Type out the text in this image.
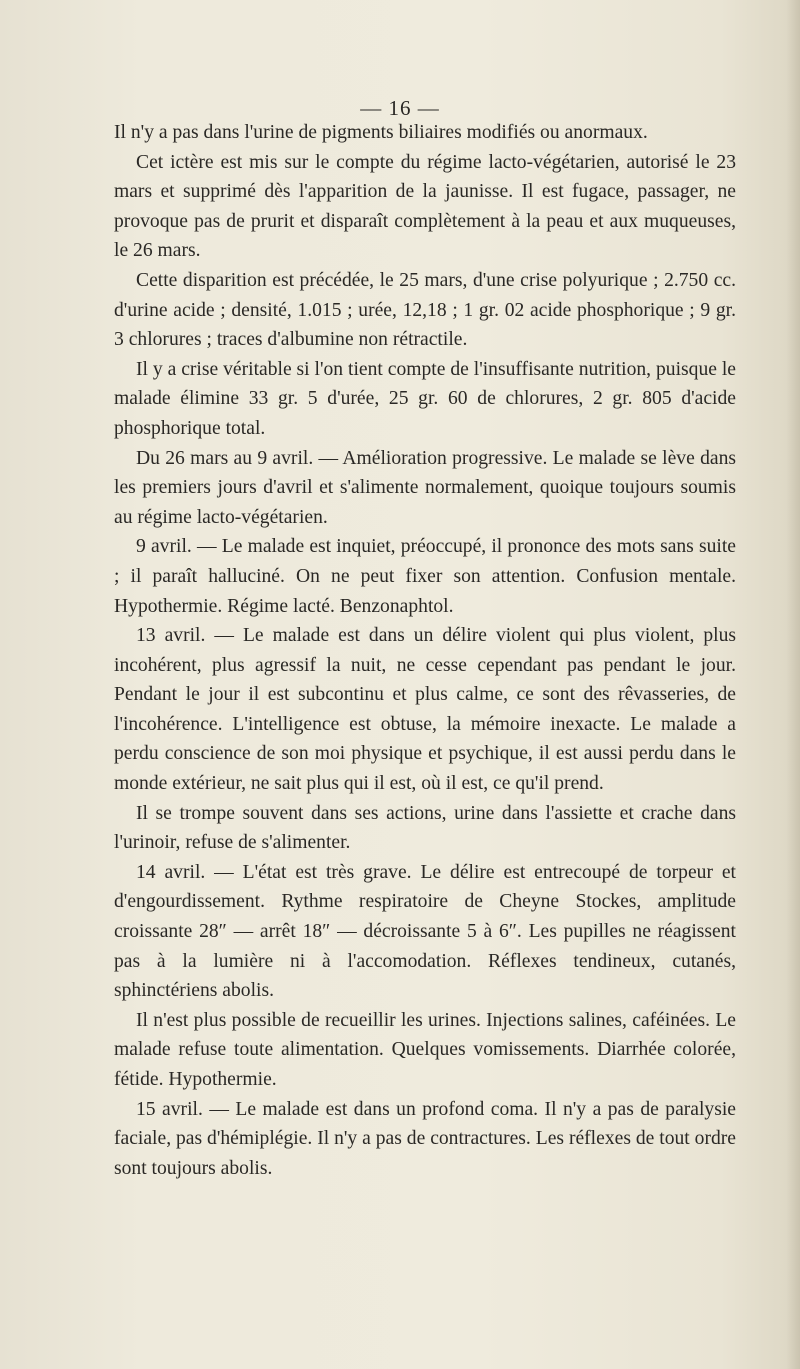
— 16 —

Il n'y a pas dans l'urine de pigments biliaires modifiés ou anormaux.

Cet ictère est mis sur le compte du régime lacto-végétarien, autorisé le 23 mars et supprimé dès l'apparition de la jaunisse. Il est fugace, passager, ne provoque pas de prurit et disparaît complètement à la peau et aux muqueuses, le 26 mars.

Cette disparition est précédée, le 25 mars, d'une crise polyurique ; 2.750 cc. d'urine acide ; densité, 1.015 ; urée, 12,18 ; 1 gr. 02 acide phosphorique ; 9 gr. 3 chlorures ; traces d'albumine non rétractile.

Il y a crise véritable si l'on tient compte de l'insuffisante nutrition, puisque le malade élimine 33 gr. 5 d'urée, 25 gr. 60 de chlorures, 2 gr. 805 d'acide phosphorique total.

Du 26 mars au 9 avril. — Amélioration progressive. Le malade se lève dans les premiers jours d'avril et s'alimente normalement, quoique toujours soumis au régime lacto-végétarien.

9 avril. — Le malade est inquiet, préoccupé, il prononce des mots sans suite ; il paraît halluciné. On ne peut fixer son attention. Confusion mentale. Hypothermie. Régime lacté. Benzonaphtol.

13 avril. — Le malade est dans un délire violent qui plus violent, plus incohérent, plus agressif la nuit, ne cesse cependant pas pendant le jour. Pendant le jour il est subcontinu et plus calme, ce sont des rêvasseries, de l'incohérence. L'intelligence est obtuse, la mémoire inexacte. Le malade a perdu conscience de son moi physique et psychique, il est aussi perdu dans le monde extérieur, ne sait plus qui il est, où il est, ce qu'il prend.

Il se trompe souvent dans ses actions, urine dans l'assiette et crache dans l'urinoir, refuse de s'alimenter.

14 avril. — L'état est très grave. Le délire est entrecoupé de torpeur et d'engourdissement. Rythme respiratoire de Cheyne Stockes, amplitude croissante 28″ — arrêt 18″ — décroissante 5 à 6″. Les pupilles ne réagissent pas à la lumière ni à l'accomodation. Réflexes tendineux, cutanés, sphinctériens abolis.

Il n'est plus possible de recueillir les urines. Injections salines, caféinées. Le malade refuse toute alimentation. Quelques vomissements. Diarrhée colorée, fétide. Hypothermie.

15 avril. — Le malade est dans un profond coma. Il n'y a pas de paralysie faciale, pas d'hémiplégie. Il n'y a pas de contractures. Les réflexes de tout ordre sont toujours abolis.
